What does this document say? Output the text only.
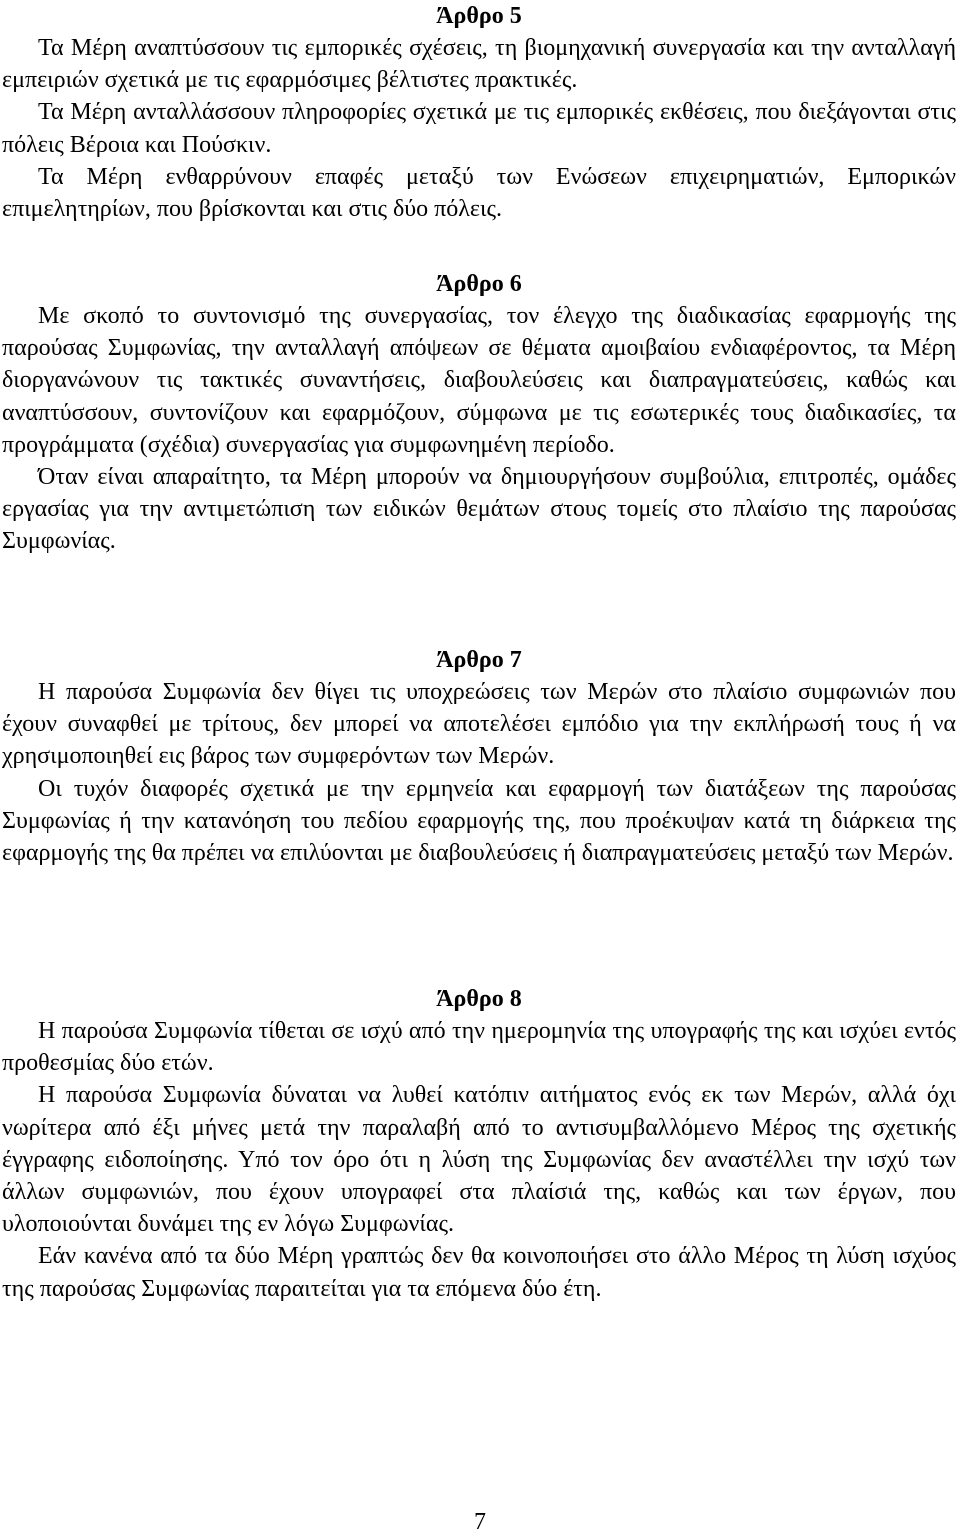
Άρθρο 5

Τα Μέρη αναπτύσσουν τις εμπορικές σχέσεις, τη βιομηχανική συνεργασία και την ανταλλαγή εμπειριών σχετικά με τις εφαρμόσιμες βέλτιστες πρακτικές.

Τα Μέρη ανταλλάσσουν πληροφορίες σχετικά με τις εμπορικές εκθέσεις, που διεξάγονται στις πόλεις Βέροια και Πούσκιν.

Τα Μέρη ενθαρρύνουν επαφές μεταξύ των Ενώσεων επιχειρηματιών, Εμπορικών επιμελητηρίων, που βρίσκονται και στις δύο πόλεις.

Άρθρο 6

Με σκοπό το συντονισμό της συνεργασίας, τον έλεγχο της διαδικασίας εφαρμογής της παρούσας Συμφωνίας, την ανταλλαγή απόψεων σε θέματα αμοιβαίου ενδιαφέροντος, τα Μέρη διοργανώνουν τις τακτικές συναντήσεις, διαβουλεύσεις και διαπραγματεύσεις, καθώς και αναπτύσσουν, συντονίζουν και εφαρμόζουν, σύμφωνα με τις εσωτερικές τους διαδικασίες, τα προγράμματα (σχέδια) συνεργασίας για συμφωνημένη περίοδο.

Όταν είναι απαραίτητο, τα Μέρη μπορούν να δημιουργήσουν συμβούλια, επιτροπές, ομάδες εργασίας για την αντιμετώπιση των ειδικών θεμάτων στους τομείς στο πλαίσιο της παρούσας Συμφωνίας.

Άρθρο 7

Η παρούσα Συμφωνία δεν θίγει τις υποχρεώσεις των Μερών στο πλαίσιο συμφωνιών που έχουν συναφθεί με τρίτους, δεν μπορεί να αποτελέσει εμπόδιο για την εκπλήρωσή τους ή να χρησιμοποιηθεί εις βάρος των συμφερόντων των Μερών.

Οι τυχόν διαφορές σχετικά με την ερμηνεία και εφαρμογή των διατάξεων της παρούσας Συμφωνίας ή την κατανόηση του πεδίου εφαρμογής της, που προέκυψαν κατά τη διάρκεια της εφαρμογής της θα πρέπει να επιλύονται με διαβουλεύσεις ή διαπραγματεύσεις μεταξύ των Μερών.

Άρθρο 8

Η παρούσα Συμφωνία τίθεται σε ισχύ από την ημερομηνία της υπογραφής της και ισχύει εντός προθεσμίας δύο ετών.

Η παρούσα Συμφωνία δύναται να λυθεί κατόπιν αιτήματος ενός εκ των Μερών, αλλά όχι νωρίτερα από έξι μήνες μετά την παραλαβή από το αντισυμβαλλόμενο Μέρος της σχετικής έγγραφης ειδοποίησης. Υπό τον όρο ότι η λύση της Συμφωνίας δεν αναστέλλει την ισχύ των άλλων συμφωνιών, που έχουν υπογραφεί στα πλαίσιά της, καθώς και των έργων, που υλοποιούνται δυνάμει της εν λόγω Συμφωνίας.

Εάν κανένα από τα δύο Μέρη γραπτώς δεν θα κοινοποιήσει στο άλλο Μέρος τη λύση ισχύος της παρούσας Συμφωνίας παραιτείται για τα επόμενα δύο έτη.

7
